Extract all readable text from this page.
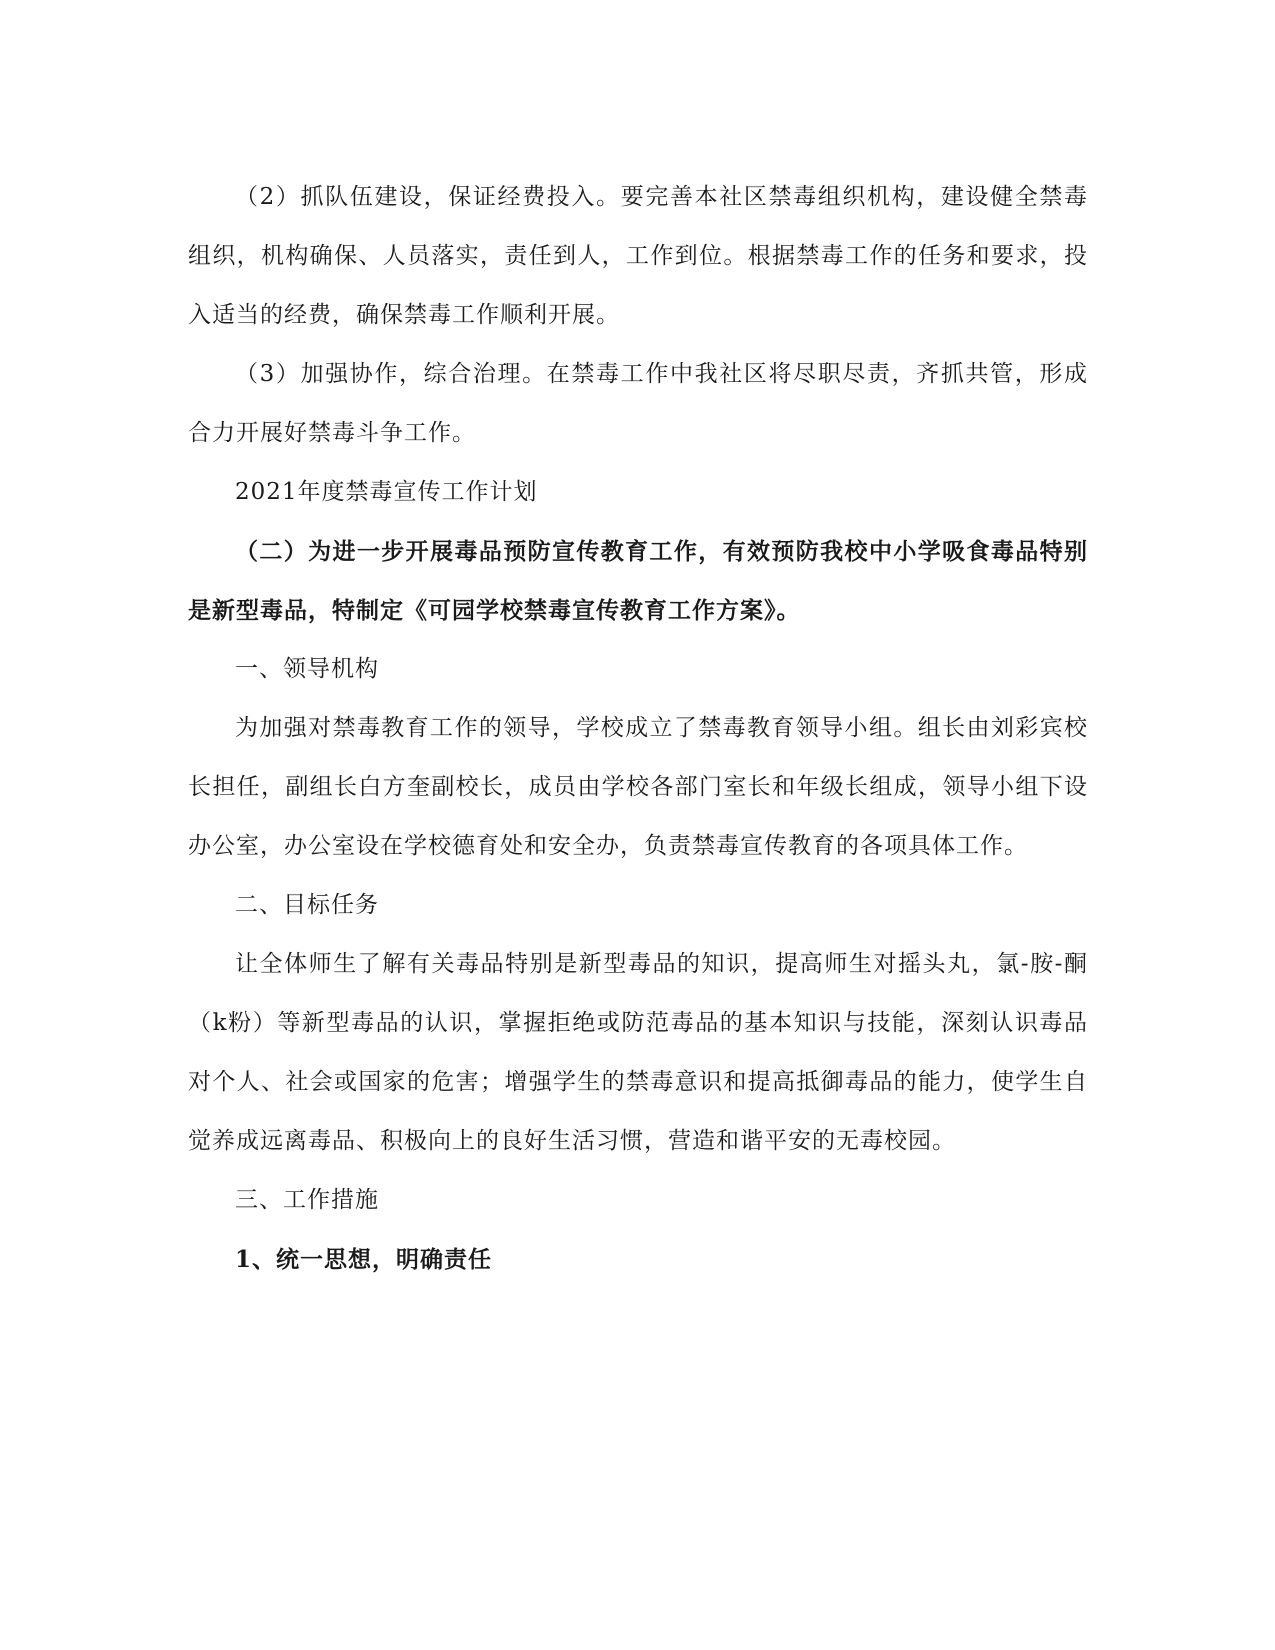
（2）抓队伍建设，保证经费投入。要完善本社区禁毒组织机构，建设健全禁毒组织，机构确保、人员落实，责任到人，工作到位。根据禁毒工作的任务和要求，投入适当的经费，确保禁毒工作顺利开展。

（3）加强协作，综合治理。在禁毒工作中我社区将尽职尽责，齐抓共管，形成合力开展好禁毒斗争工作。

2021年度禁毒宣传工作计划

（二）为进一步开展毒品预防宣传教育工作，有效预防我校中小学吸食毒品特别是新型毒品，特制定《可园学校禁毒宣传教育工作方案》。

一、领导机构

为加强对禁毒教育工作的领导，学校成立了禁毒教育领导小组。组长由刘彩宾校长担任，副组长白方奎副校长，成员由学校各部门室长和年级长组成，领导小组下设办公室，办公室设在学校德育处和安全办，负责禁毒宣传教育的各项具体工作。

二、目标任务

让全体师生了解有关毒品特别是新型毒品的知识，提高师生对摇头丸，氯-胺-酮（k粉）等新型毒品的认识，掌握拒绝或防范毒品的基本知识与技能，深刻认识毒品对个人、社会或国家的危害；增强学生的禁毒意识和提高抵御毒品的能力，使学生自觉养成远离毒品、积极向上的良好生活习惯，营造和谐平安的无毒校园。

三、工作措施

1、统一思想，明确责任
